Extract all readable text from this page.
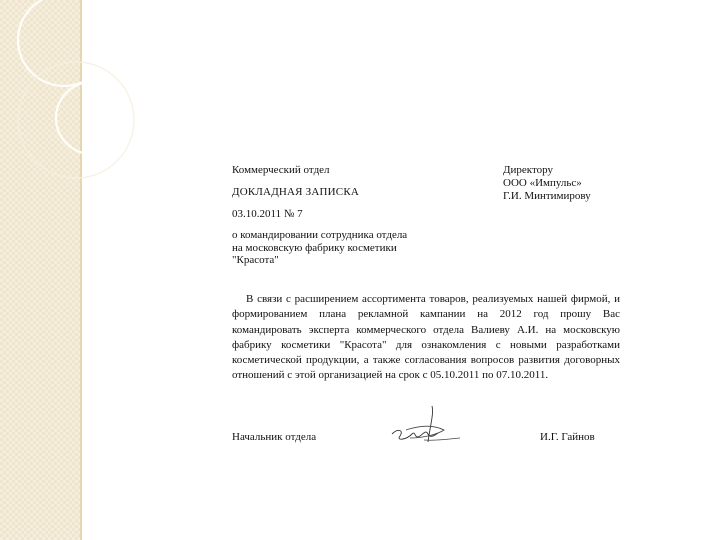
Коммерческий отдел
ДОКЛАДНАЯ ЗАПИСКА
03.10.2011 № 7
о командировании сотрудника отдела
на московскую фабрику косметики
"Красота"
Директору
ООО «Импульс»
Г.И. Минтимирову
В связи с расширением ассортимента товаров, реализуемых нашей фирмой, и формированием плана рекламной кампании на 2012 год прошу Вас командировать эксперта коммерческого отдела Валиеву А.И. на московскую фабрику косметики "Красота" для ознакомления с новыми разработками косметической продукции, а также согласования вопросов развития договорных отношений с этой организацией на срок с 05.10.2011 по 07.10.2011.
Начальник отдела	И.Г. Гайнов
